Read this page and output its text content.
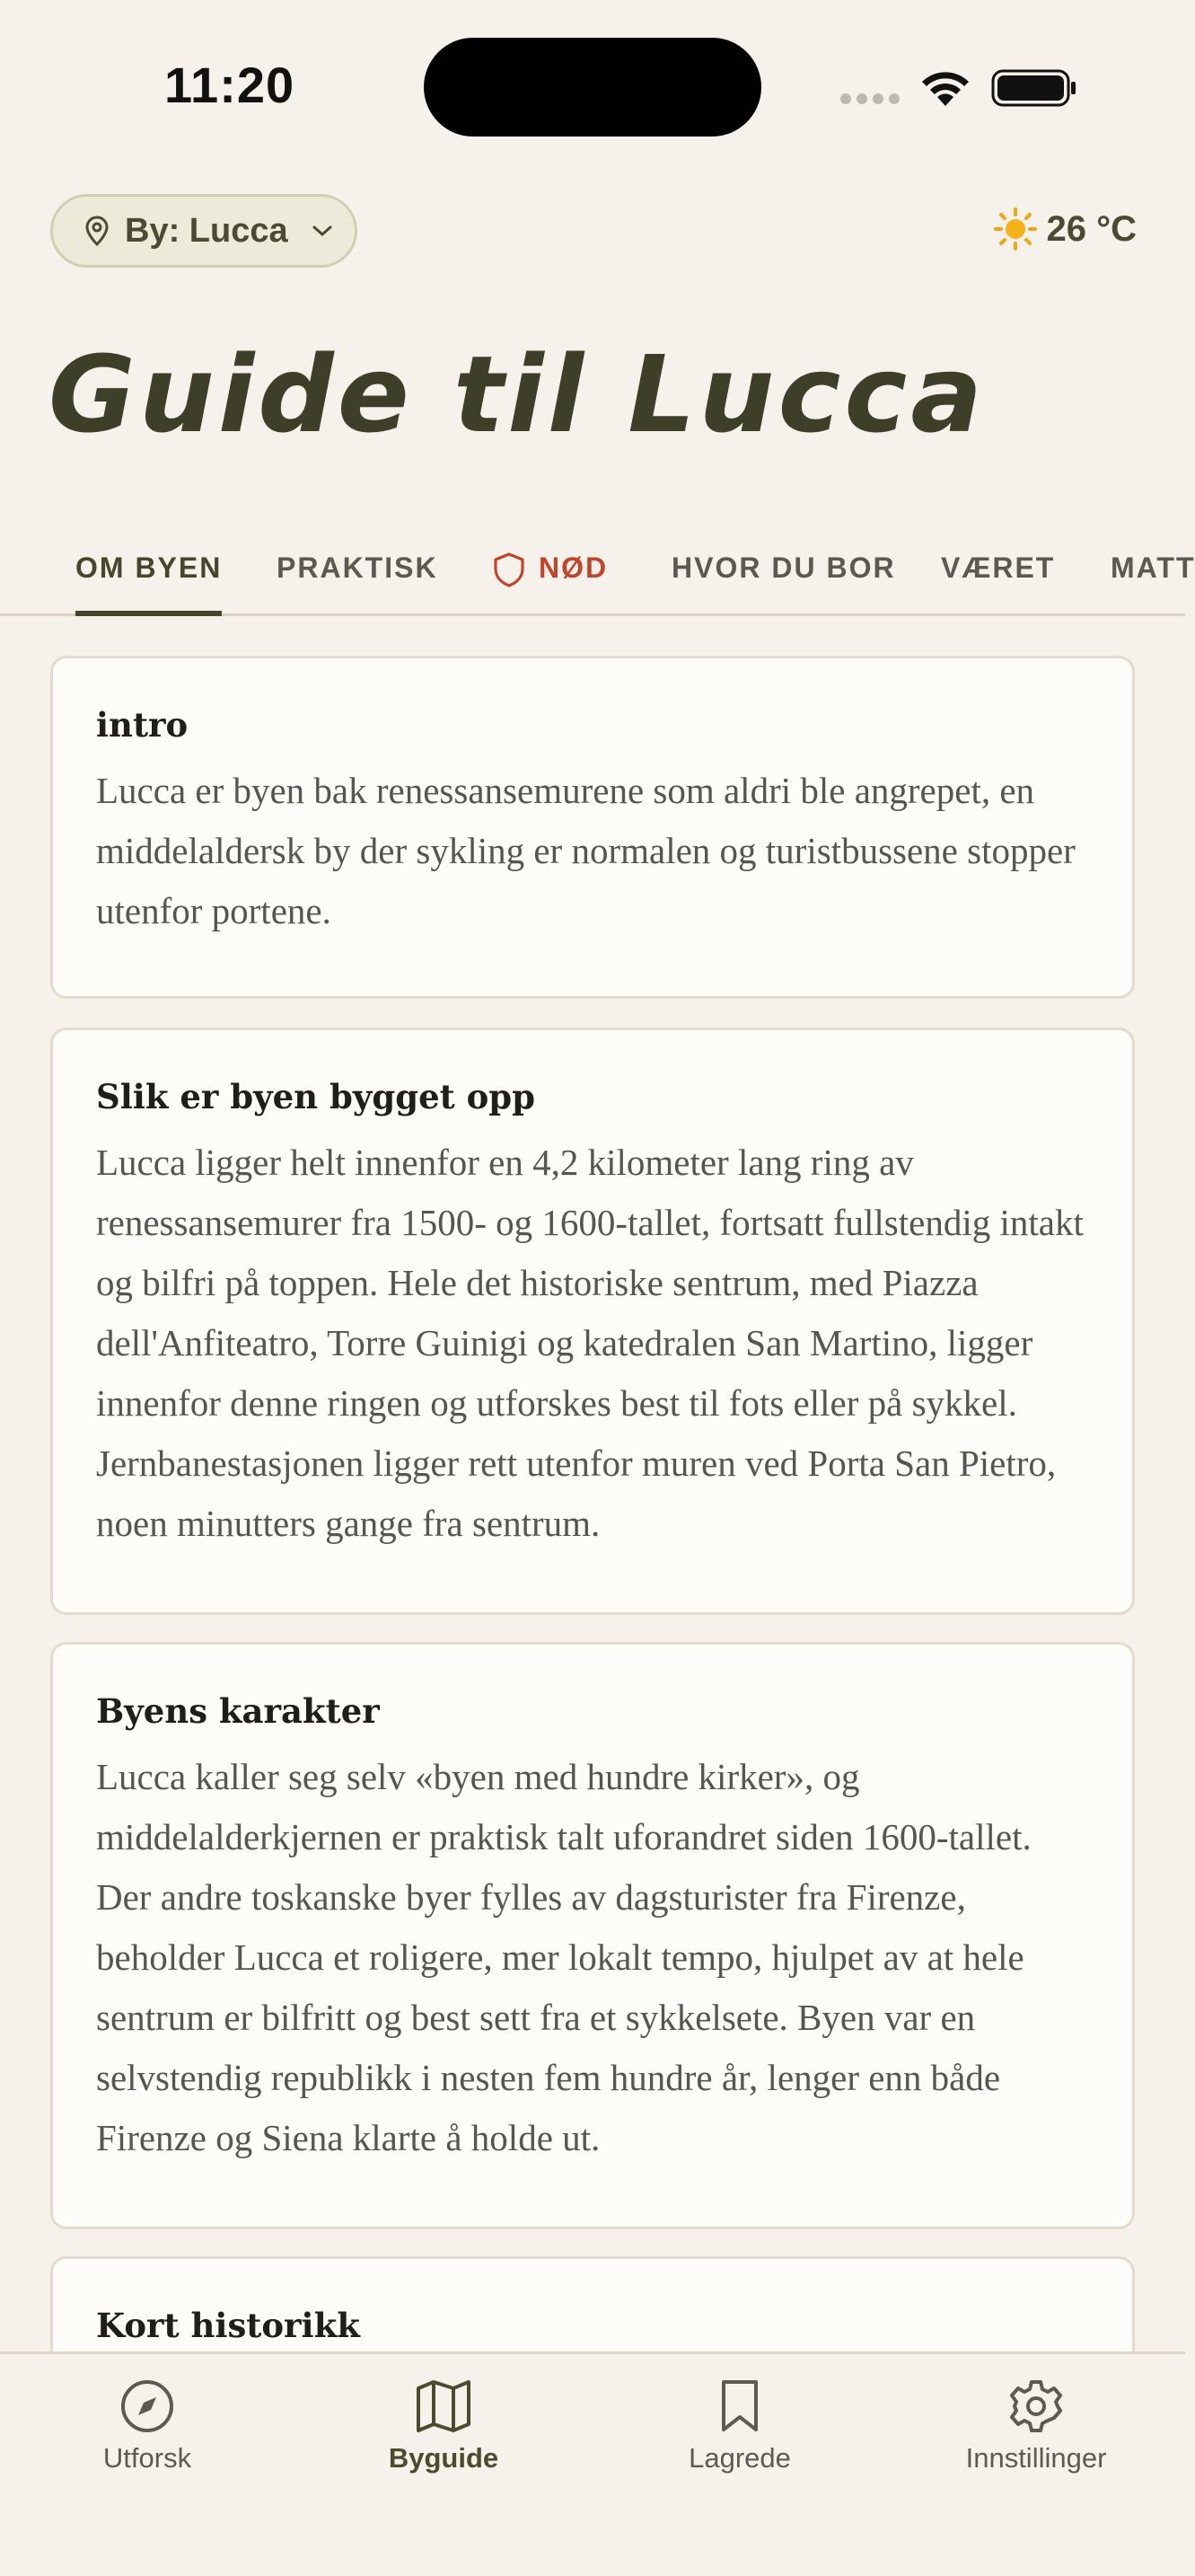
11:20
By: Lucca	26 °C
Guide til Lucca
OM BYEN PRAKTISK	NØD HVOR DU BOR VÆRET MATT
intro

Lucca er byen bak renessansemurene som aldri ble angrepet, en middelaldersk by der sykling er normalen og turistbussene stopper utenfor portene.

Slik er byen bygget opp

Lucca ligger helt innenfor en 4,2 kilometer lang ring av renessansemurer fra 1500- og 1600-tallet, fortsatt fullstendig intakt og bilfri på toppen. Hele det historiske sentrum, med Piazza dell'Anfiteatro, Torre Guinigi og katedralen San Martino, ligger innenfor denne ringen og utforskes best til fots eller på sykkel. Jernbanestasjonen ligger rett utenfor muren ved Porta San Pietro, noen minutters gange fra sentrum.

Byens karakter

Lucca kaller seg selv «byen med hundre kirker», og middelalderkjernen er praktisk talt uforandret siden 1600-tallet. Der andre toskanske byer fylles av dagsturister fra Firenze, beholder Lucca et roligere, mer lokalt tempo, hjulpet av at hele sentrum er bilfritt og best sett fra et sykkelsete. Byen var en selvstendig republikk i nesten fem hundre år, lenger enn både Firenze og Siena klarte å holde ut.

Kort historikk

Utforsk	Byguide	Lagrede	Innstillinger
